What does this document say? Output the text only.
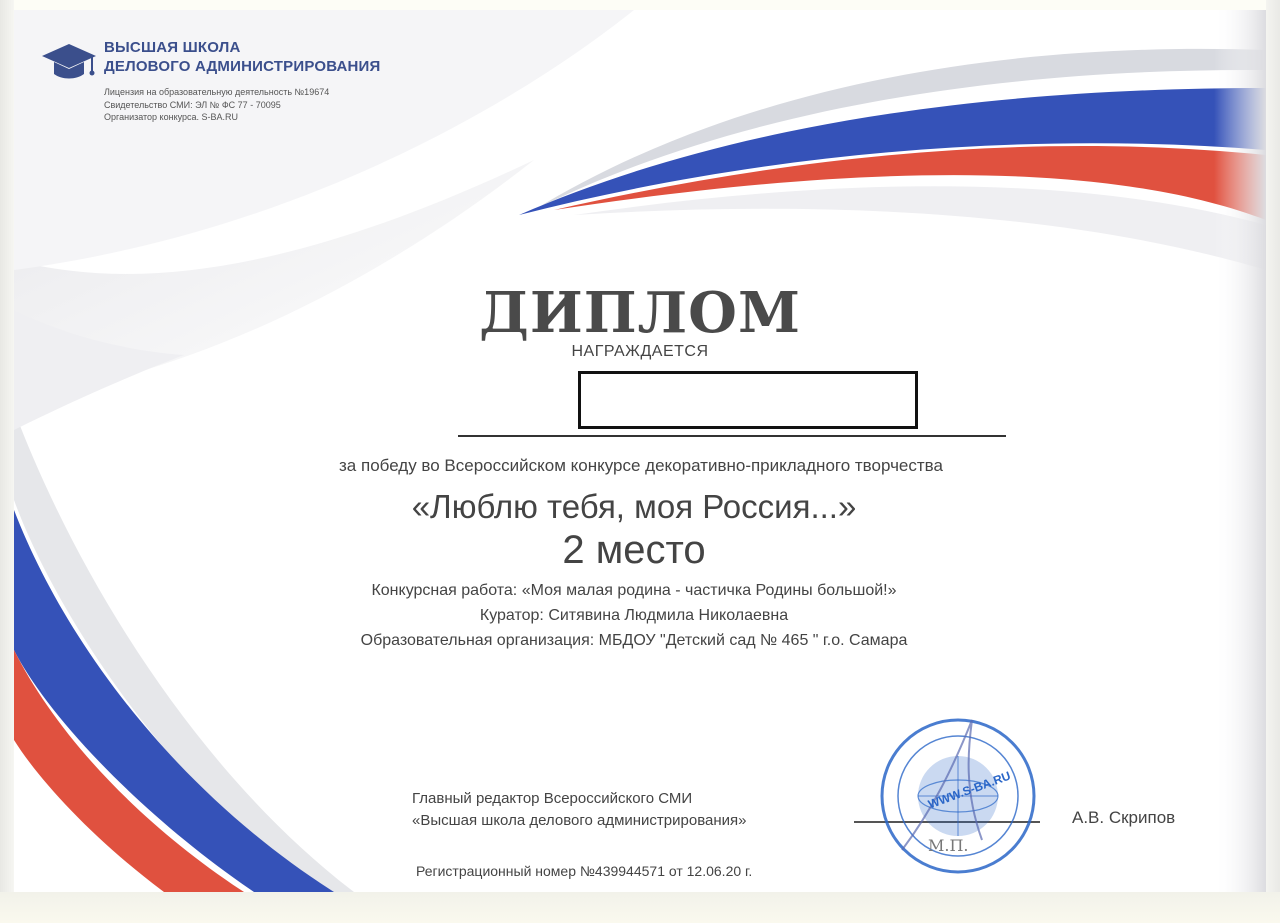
ВЫСШАЯ ШКОЛА
ДЕЛОВОГО АДМИНИСТРИРОВАНИЯ
Лицензия на образовательную деятельность №19674
Свидетельство СМИ: ЭЛ № ФС 77 - 70095
Организатор конкурса. S-BA.RU
ДИПЛОМ
НАГРАЖДАЕТСЯ
за победу во Всероссийском конкурсе декоративно-прикладного творчества
«Люблю тебя, моя Россия...»
2 место
Конкурсная работа: «Моя малая родина - частичка Родины большой!»
Куратор: Ситявина Людмила Николаевна
Образовательная организация: МБДОУ "Детский сад № 465 " г.о. Самара
Главный редактор Всероссийского СМИ
«Высшая школа делового администрирования»
WWW.S-BA.RU
М.П.
А.В. Скрипов
Регистрационный номер №439944571 от 12.06.20 г.
